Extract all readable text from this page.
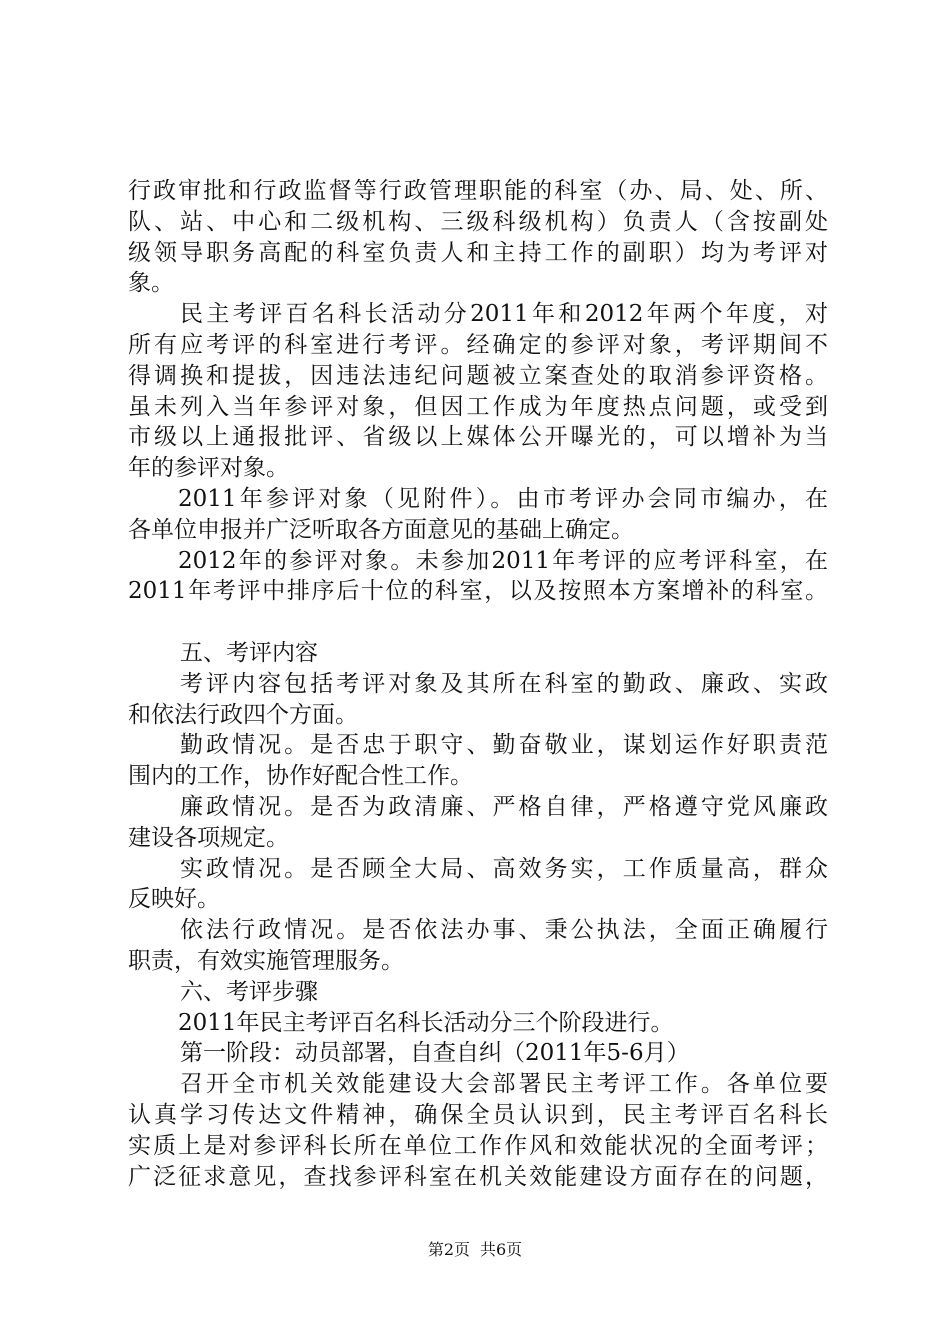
行政审批和行政监督等行政管理职能的科室（办、局、处、所、
队、站、中心和二级机构、三级科级机构）负责人（含按副处
级领导职务高配的科室负责人和主持工作的副职）均为考评对
象。
民主考评百名科长活动分2011年和2012年两个年度，对
所有应考评的科室进行考评。经确定的参评对象，考评期间不
得调换和提拔，因违法违纪问题被立案查处的取消参评资格。
虽未列入当年参评对象，但因工作成为年度热点问题，或受到
市级以上通报批评、省级以上媒体公开曝光的，可以增补为当
年的参评对象。
2011年参评对象（见附件）。由市考评办会同市编办，在
各单位申报并广泛听取各方面意见的基础上确定。
2012年的参评对象。未参加2011年考评的应考评科室，在
2011年考评中排序后十位的科室，以及按照本方案增补的科室。
五、考评内容
考评内容包括考评对象及其所在科室的勤政、廉政、实政
和依法行政四个方面。
勤政情况。是否忠于职守、勤奋敬业，谋划运作好职责范
围内的工作，协作好配合性工作。
廉政情况。是否为政清廉、严格自律，严格遵守党风廉政
建设各项规定。
实政情况。是否顾全大局、高效务实，工作质量高，群众
反映好。
依法行政情况。是否依法办事、秉公执法，全面正确履行
职责，有效实施管理服务。
六、考评步骤
2011年民主考评百名科长活动分三个阶段进行。
第一阶段：动员部署，自查自纠（2011年5-6月）
召开全市机关效能建设大会部署民主考评工作。各单位要
认真学习传达文件精神，确保全员认识到，民主考评百名科长
实质上是对参评科长所在单位工作作风和效能状况的全面考评；
广泛征求意见，查找参评科室在机关效能建设方面存在的问题，
第2页 共6页
